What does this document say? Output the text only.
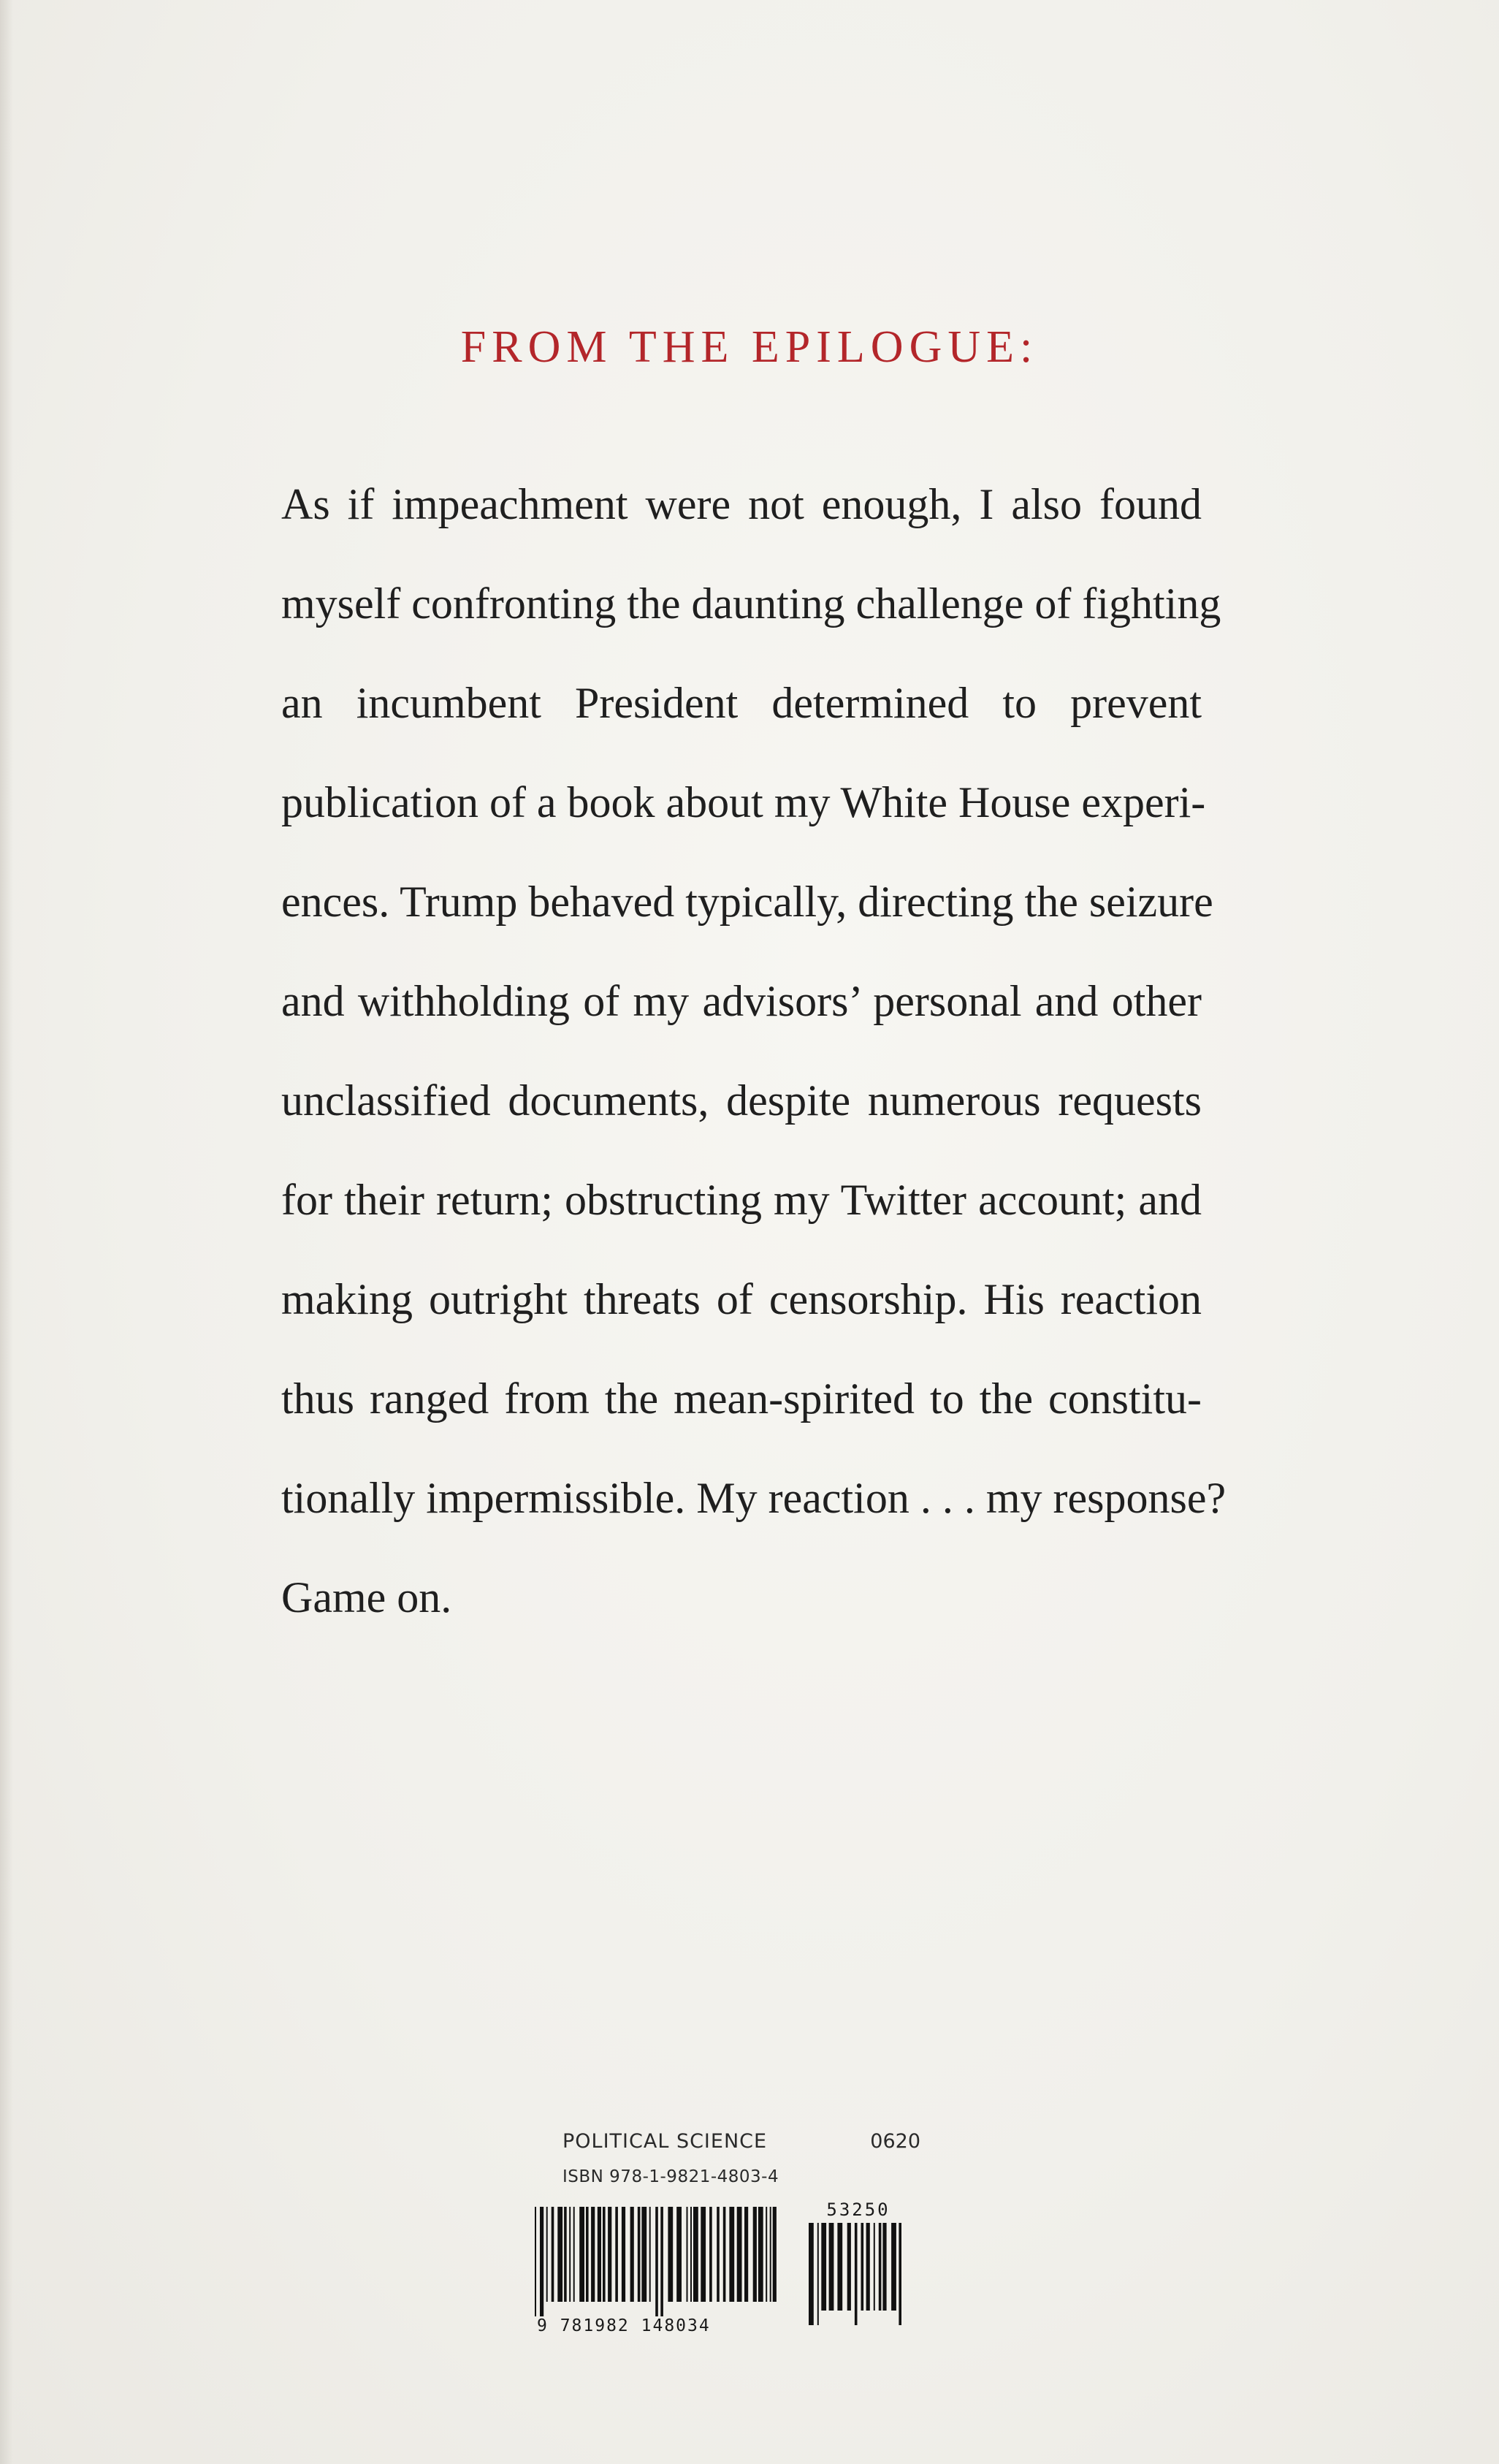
FROM THE EPILOGUE:
As if impeachment were not enough, I also found
myself confronting the daunting challenge of fighting
an incumbent President determined to prevent
publication of a book about my White House experi-
ences. Trump behaved typically, directing the seizure
and withholding of my advisors’ personal and other
unclassified documents, despite numerous requests
for their return; obstructing my Twitter account; and
making outright threats of censorship. His reaction
thus ranged from the mean-spirited to the constitu-
tionally impermissible. My reaction . . . my response?
Game on.
POLITICAL SCIENCE	0620
ISBN 978-1-9821-4803-4
53250
9 781982 148034
